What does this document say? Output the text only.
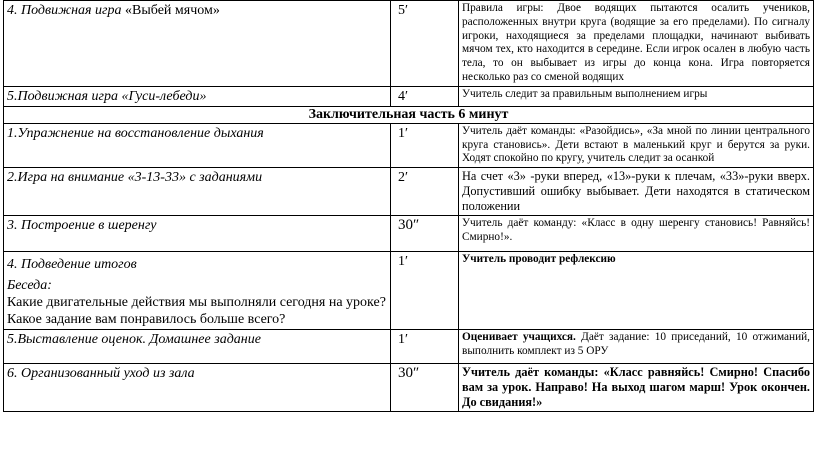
4. Подвижная игра «Выбей мячом»	5′	Правила игры: Двое водящих пытаются осалить учеников, расположенных внутри круга (водящие за его пределами). По сигналу игроки, находящиеся за пределами площадки, начинают выбивать мячом тех, кто находится в середине. Если игрок осален в любую часть тела, то он выбывает из игры до конца кона. Игра повторяется несколько раз со сменой водящих
5.Подвижная игра «Гуси-лебеди»	4′	Учитель следит за правильным выполнением игры
Заключительная часть 6 минут		
1.Упражнение на восстановление дыхания	1′	Учитель даёт команды: «Разойдись», «За мной по линии центрального круга становись». Дети встают в маленький круг и берутся за руки. Ходят спокойно по кругу, учитель следит за осанкой
2.Игра на внимание «3-13-33» с заданиями	2′	На счет «3» -руки вперед, «13»-руки к плечам, «33»-руки вверх. Допустивший ошибку выбывает. Дети находятся в статическом положении
3. Построение в шеренгу	30″	Учитель даёт команду: «Класс в одну шеренгу становись! Равняйсь! Смирно!».

4. Подведение итогов
Беседа:
Какие двигательные действия мы выполняли сегодня на уроке?
Какое задание вам понравилось больше всего?	1′	Учитель проводит рефлексию
5.Выставление оценок. Домашнее задание	1′	Оценивает учащихся. Даёт задание: 10 приседаний, 10 отжиманий, выполнить комплект из 5 ОРУ
6. Организованный уход из зала	30″	Учитель даёт команды: «Класс равняйсь! Смирно! Спасибо вам за урок. Направо! На выход шагом марш! Урок окончен. До свидания!»
